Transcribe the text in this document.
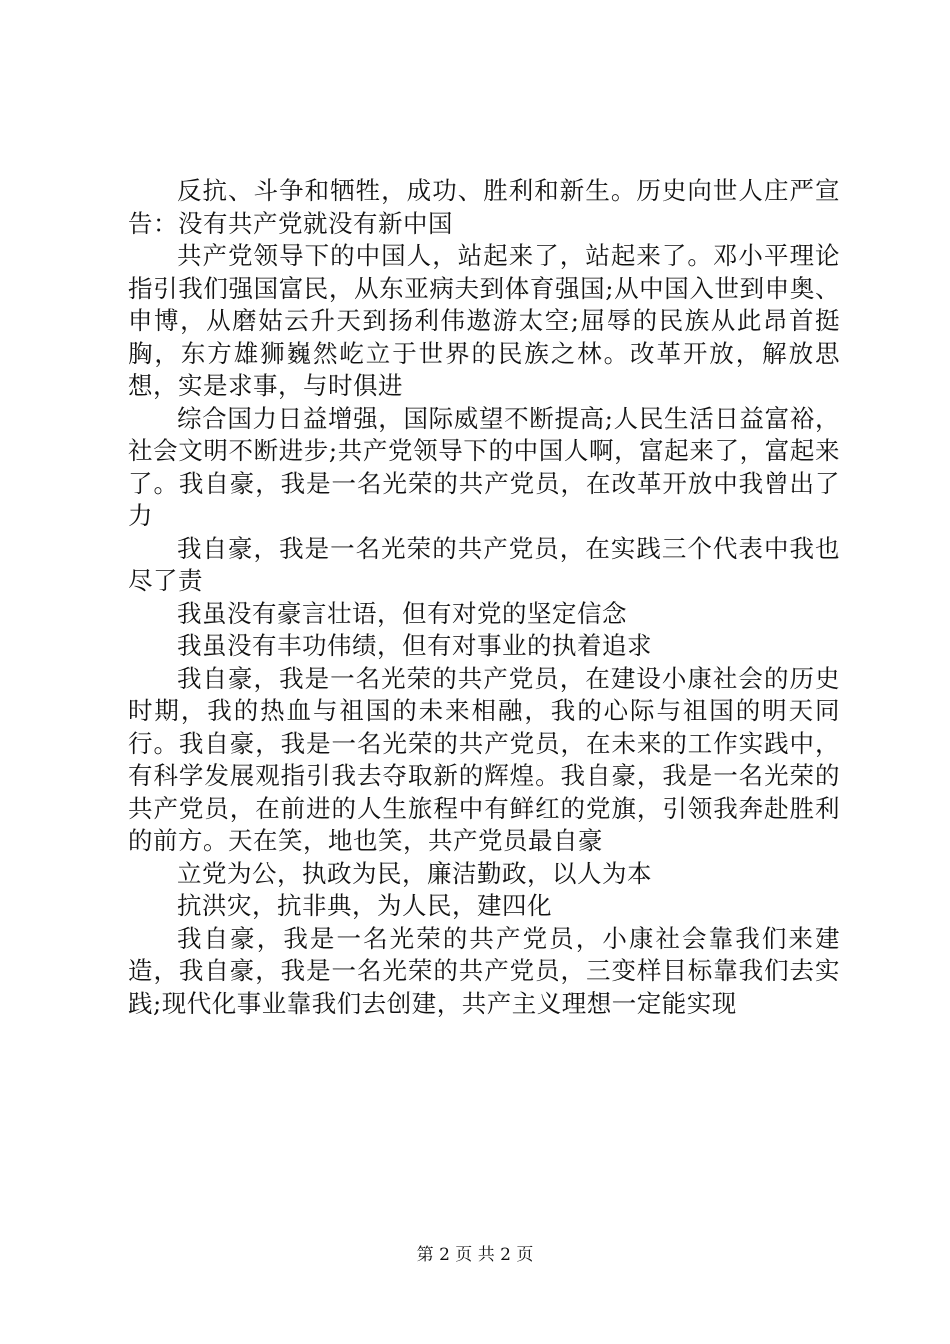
反抗、斗争和牺牲，成功、胜利和新生。历史向世人庄严宣告：没有共产党就没有新中国

共产党领导下的中国人，站起来了，站起来了。邓小平理论指引我们强国富民，从东亚病夫到体育强国;从中国入世到申奥、申博，从磨姑云升天到扬利伟遨游太空;屈辱的民族从此昂首挺胸，东方雄狮巍然屹立于世界的民族之林。改革开放，解放思想，实是求事，与时俱进

综合国力日益增强，国际威望不断提高;人民生活日益富裕，社会文明不断进步;共产党领导下的中国人啊，富起来了，富起来了。我自豪，我是一名光荣的共产党员，在改革开放中我曾出了力

我自豪，我是一名光荣的共产党员，在实践三个代表中我也尽了责

我虽没有豪言壮语，但有对党的坚定信念

我虽没有丰功伟绩，但有对事业的执着追求

我自豪，我是一名光荣的共产党员，在建设小康社会的历史时期，我的热血与祖国的未来相融，我的心际与祖国的明天同行。我自豪，我是一名光荣的共产党员，在未来的工作实践中，有科学发展观指引我去夺取新的辉煌。我自豪，我是一名光荣的共产党员，在前进的人生旅程中有鲜红的党旗，引领我奔赴胜利的前方。天在笑，地也笑，共产党员最自豪

立党为公，执政为民，廉洁勤政，以人为本

抗洪灾，抗非典，为人民，建四化

我自豪，我是一名光荣的共产党员，小康社会靠我们来建造，我自豪，我是一名光荣的共产党员，三变样目标靠我们去实践;现代化事业靠我们去创建，共产主义理想一定能实现

第 2 页 共 2 页
